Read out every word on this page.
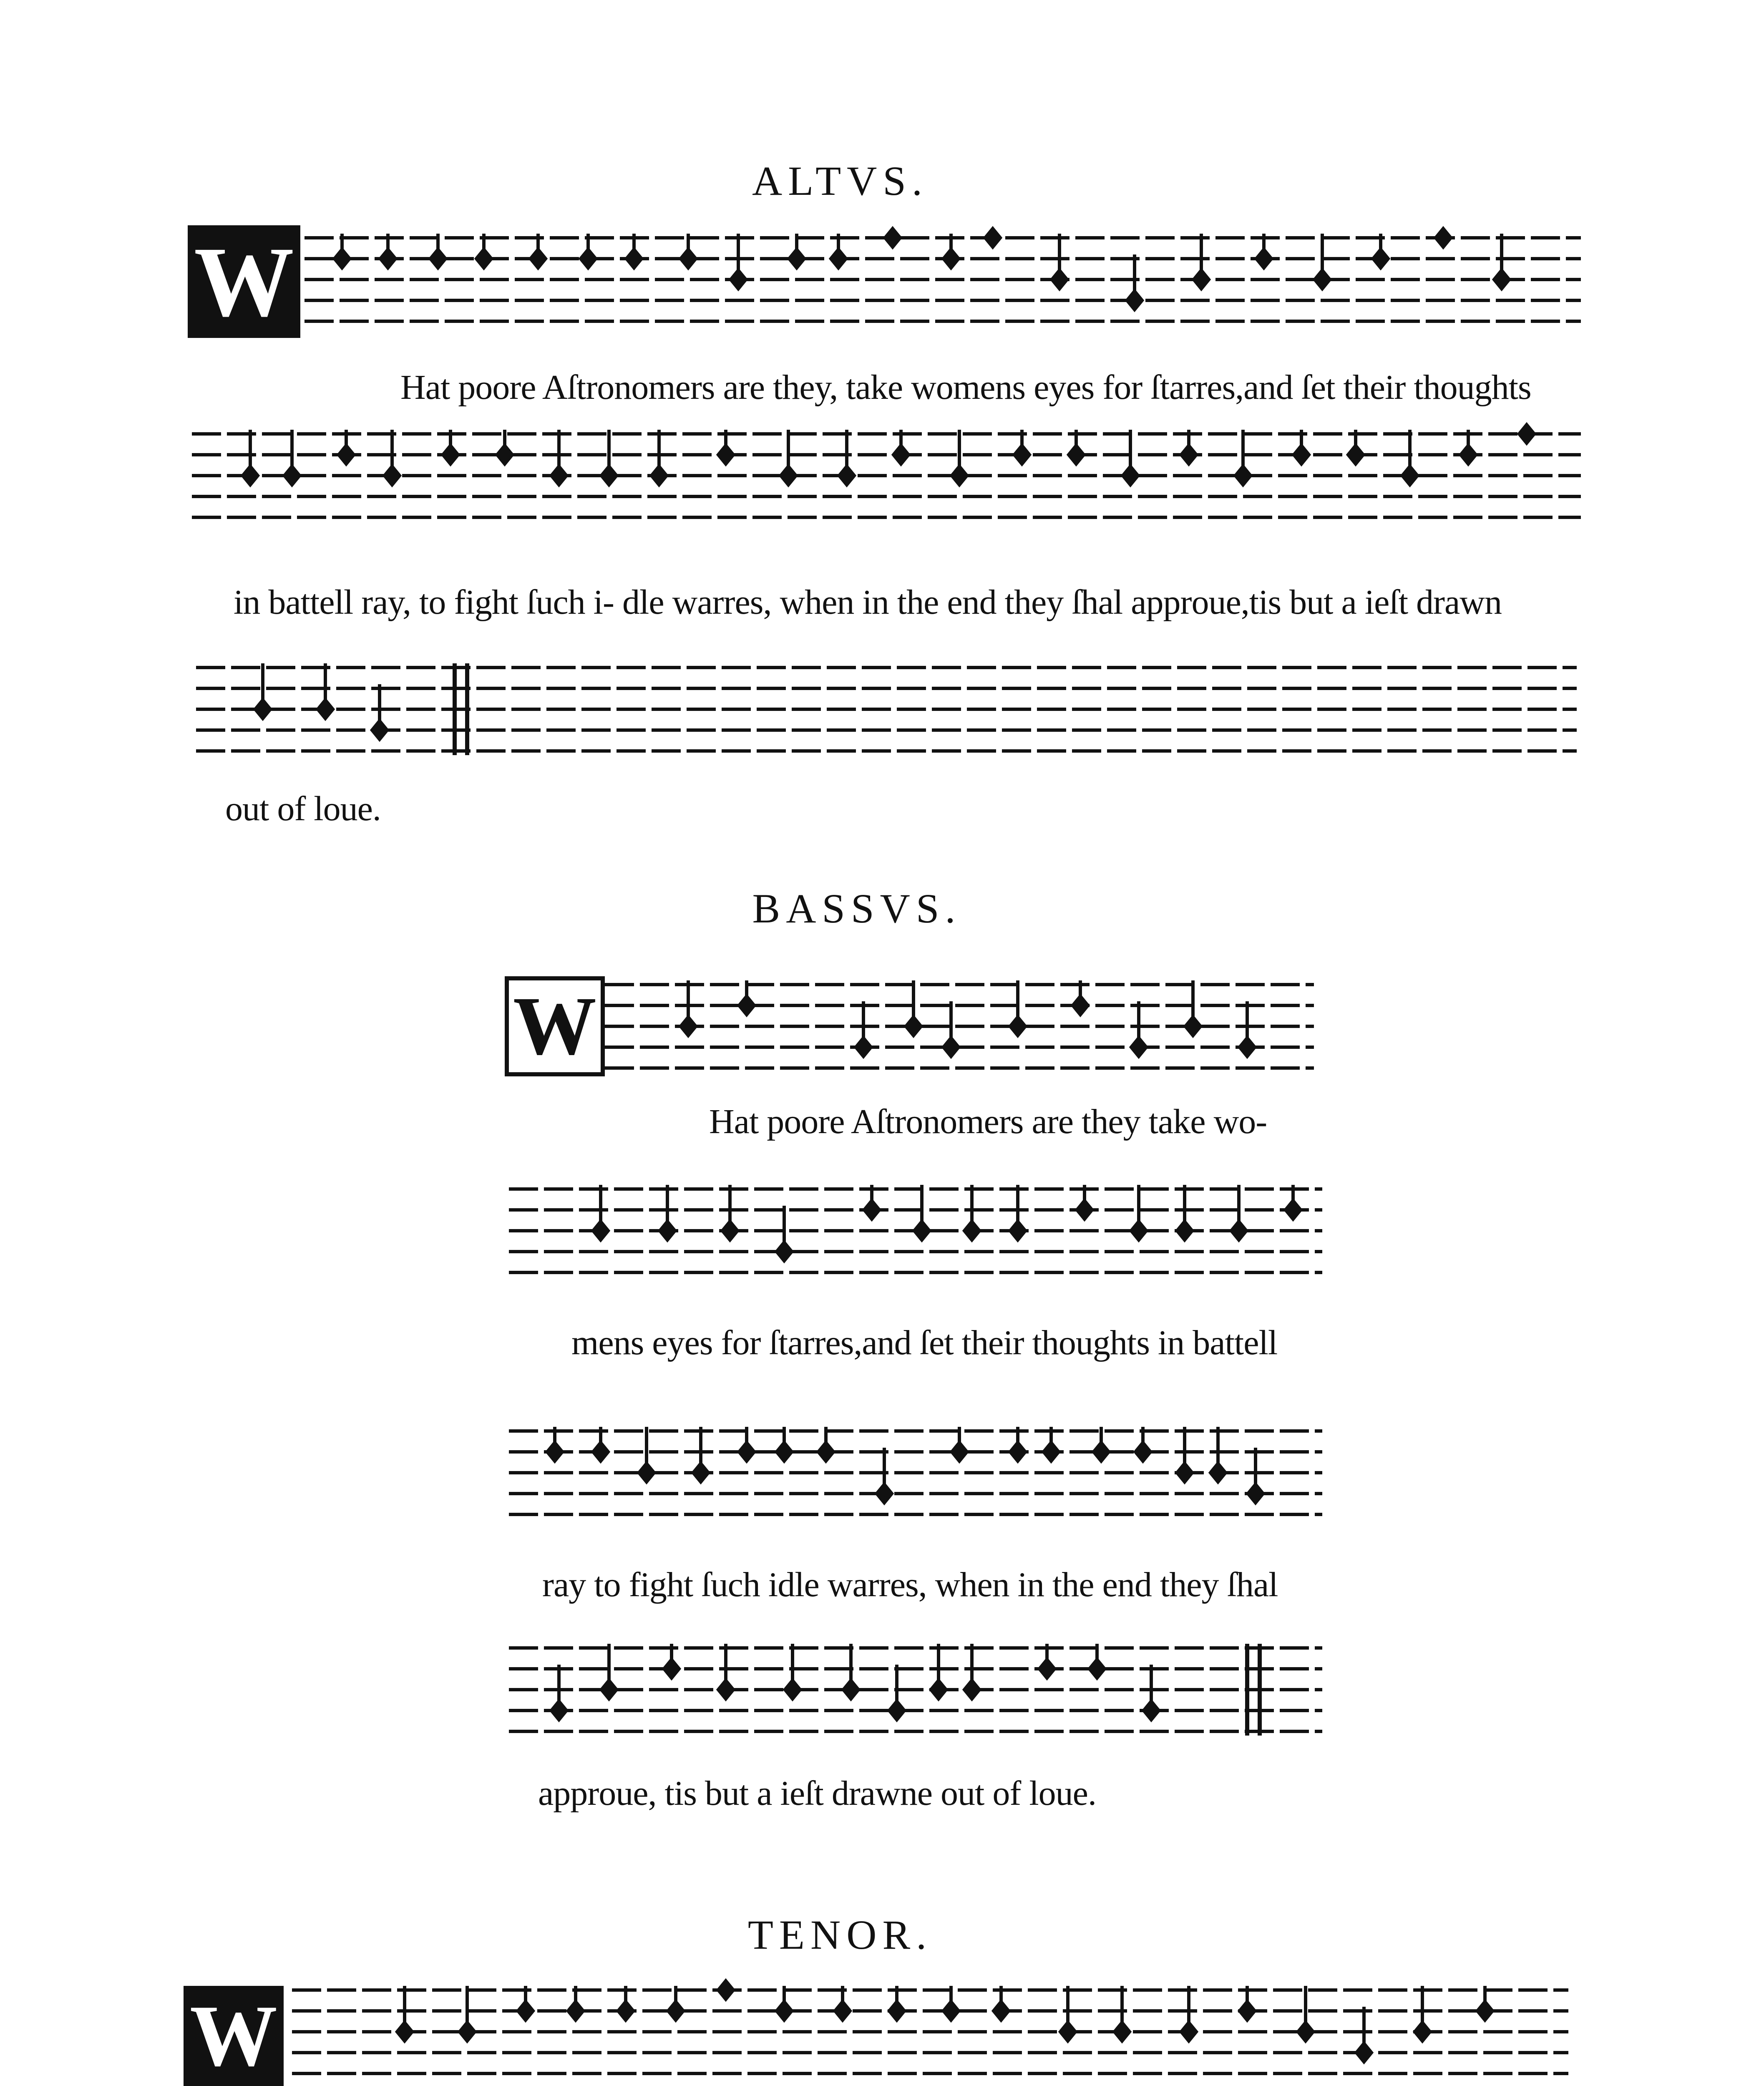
ALTVS.
W
Hat poore Aſtronomers are they, take womens eyes for ſtarres,and ſet their thoughts
in battell ray, to fight ſuch i- dle warres, when in the end they ſhal approue,tis but a ieſt drawn
out of loue.
BASSVS.
W
Hat poore Aſtronomers are they take wo-
mens eyes for ſtarres,and ſet their thoughts in battell
ray to fight ſuch idle warres, when in the end they ſhal
approue, tis but a ieſt drawne out of loue.
TENOR.
W
